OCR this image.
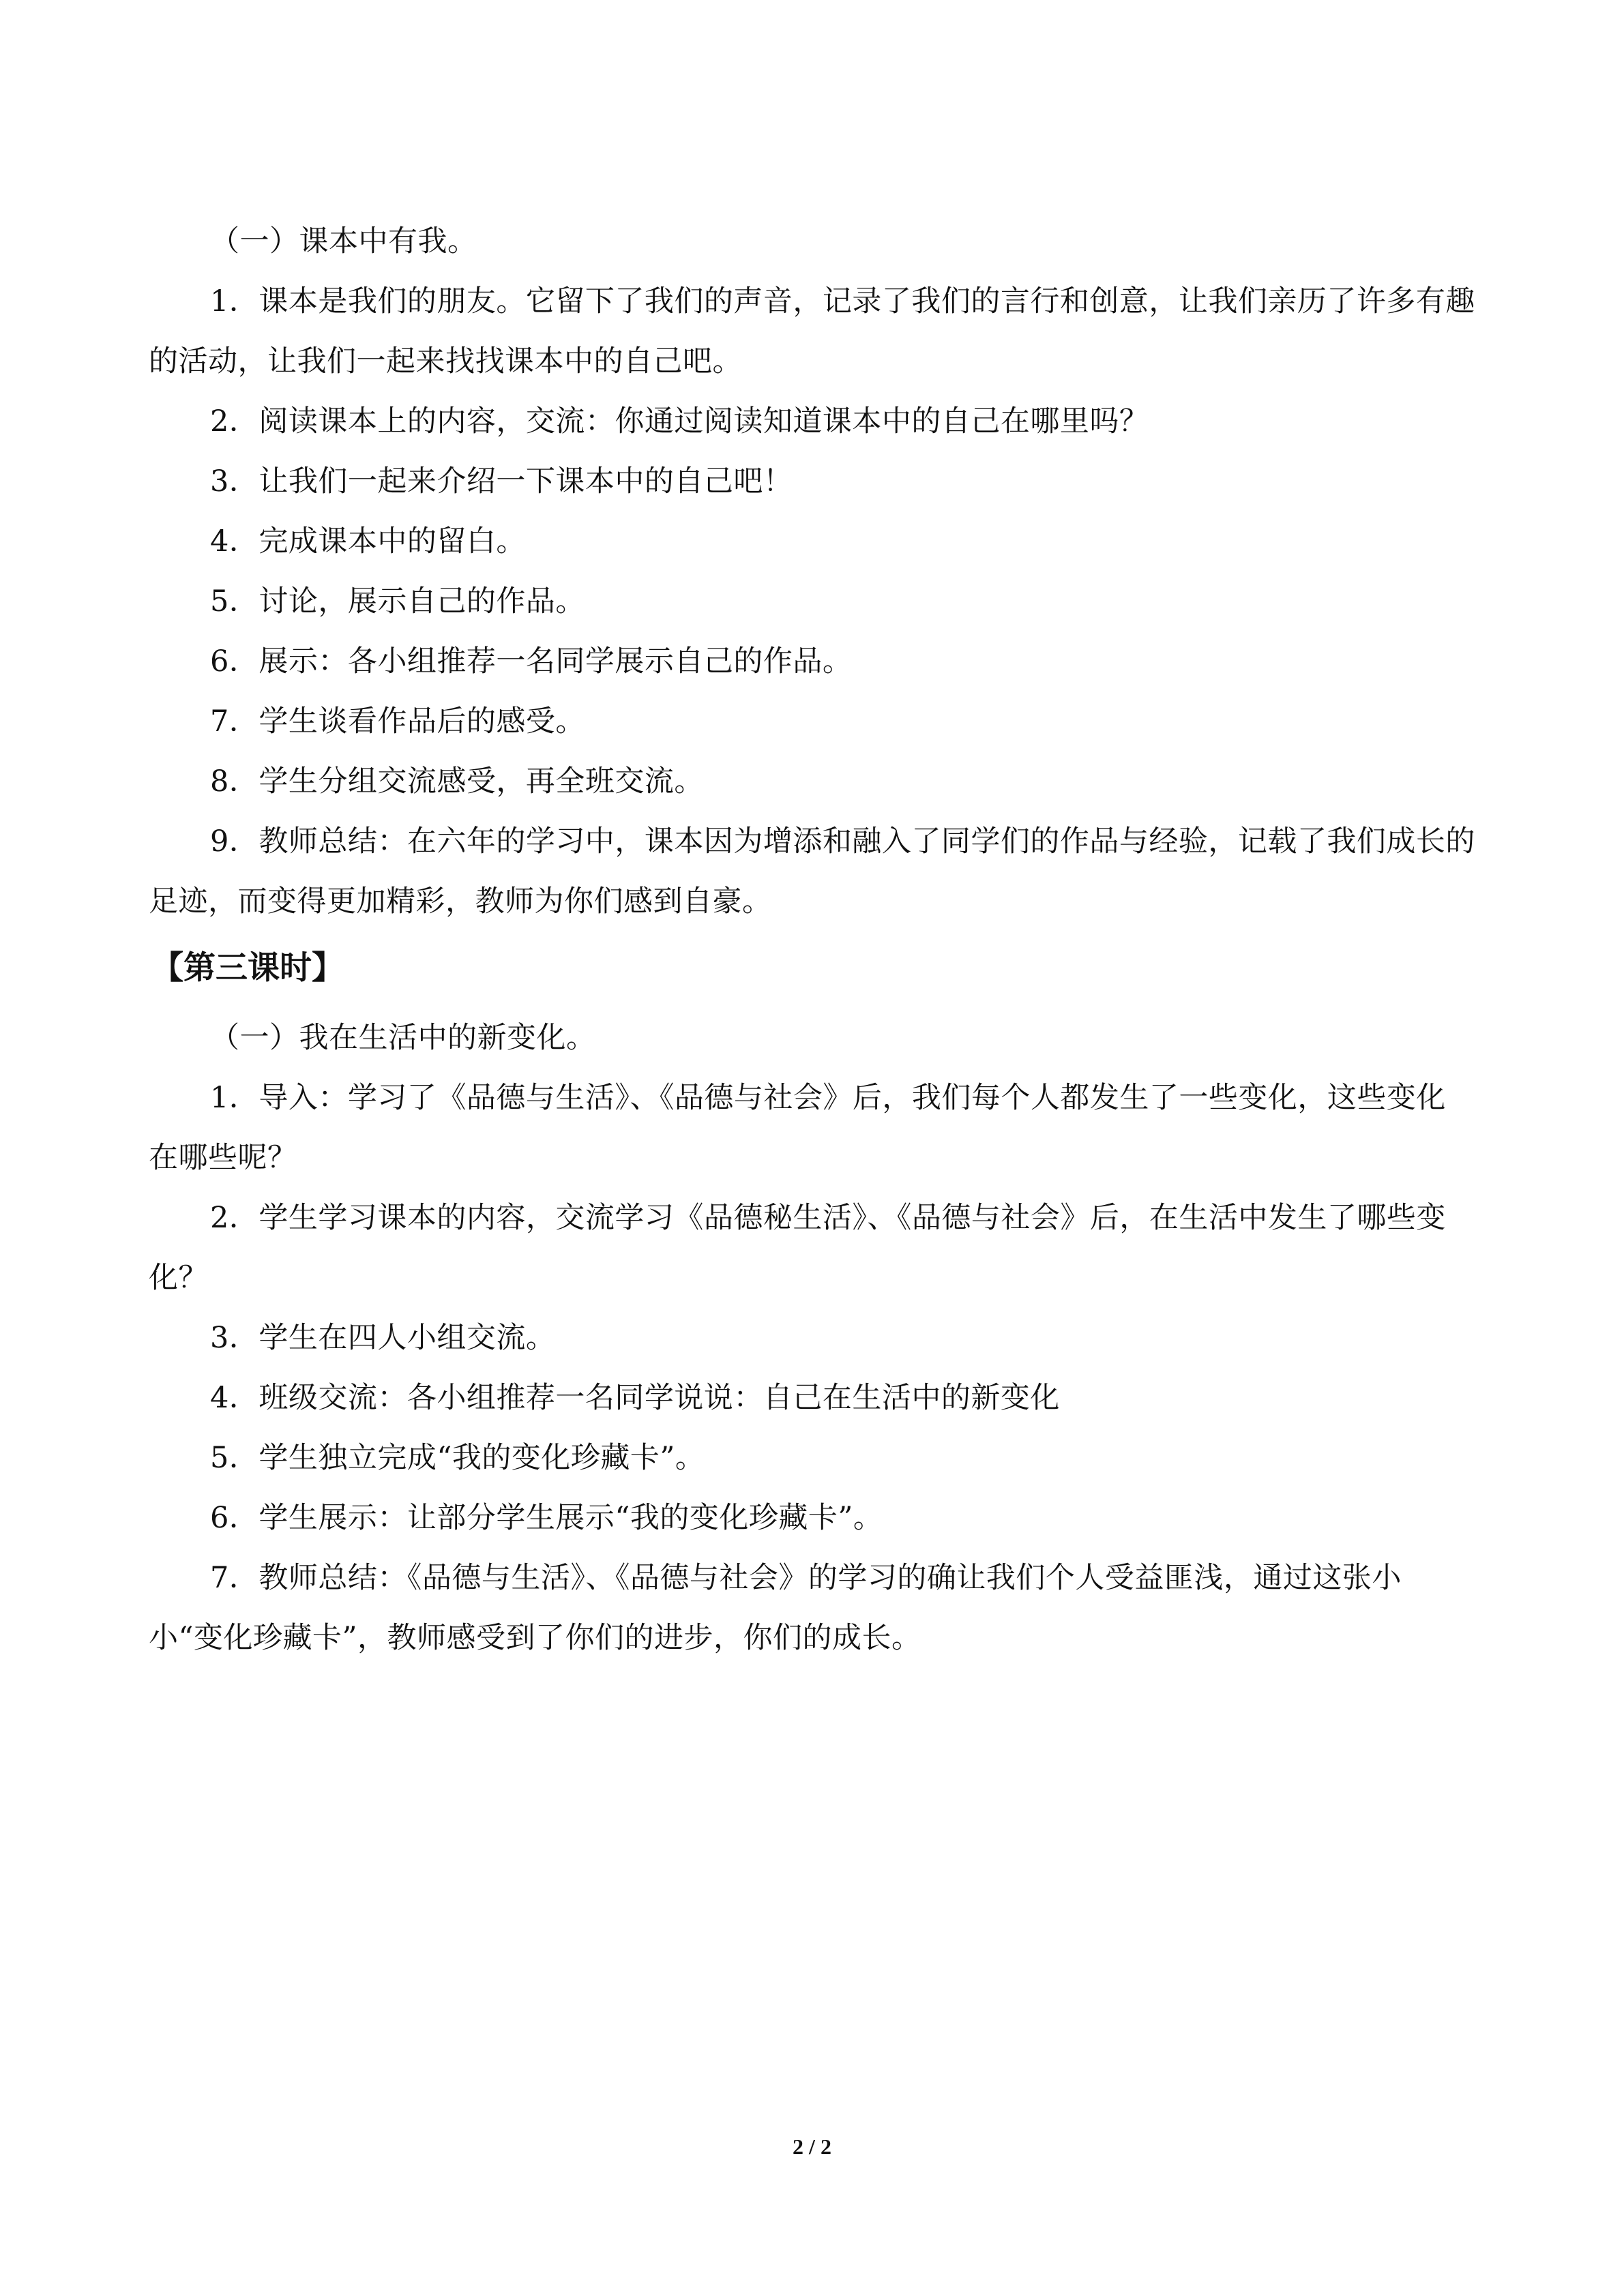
（一）课本中有我。

1．课本是我们的朋友。它留下了我们的声音，记录了我们的言行和创意，让我们亲历了许多有趣的活动，让我们一起来找找课本中的自己吧。

2．阅读课本上的内容，交流：你通过阅读知道课本中的自己在哪里吗？

3．让我们一起来介绍一下课本中的自己吧！

4．完成课本中的留白。

5．讨论，展示自己的作品。

6．展示：各小组推荐一名同学展示自己的作品。

7．学生谈看作品后的感受。

8．学生分组交流感受，再全班交流。

9．教师总结：在六年的学习中，课本因为增添和融入了同学们的作品与经验，记载了我们成长的足迹，而变得更加精彩，教师为你们感到自豪。

【第三课时】

（一）我在生活中的新变化。

1．导入：学习了《品德与生活》、《品德与社会》后，我们每个人都发生了一些变化，这些变化在哪些呢？

2．学生学习课本的内容，交流学习《品德秘生活》、《品德与社会》后，在生活中发生了哪些变化？

3．学生在四人小组交流。

4．班级交流：各小组推荐一名同学说说：自己在生活中的新变化

5．学生独立完成“我的变化珍藏卡”。

6．学生展示：让部分学生展示“我的变化珍藏卡”。

7．教师总结：《品德与生活》、《品德与社会》的学习的确让我们个人受益匪浅，通过这张小小“变化珍藏卡”，教师感受到了你们的进步，你们的成长。

2 / 2
